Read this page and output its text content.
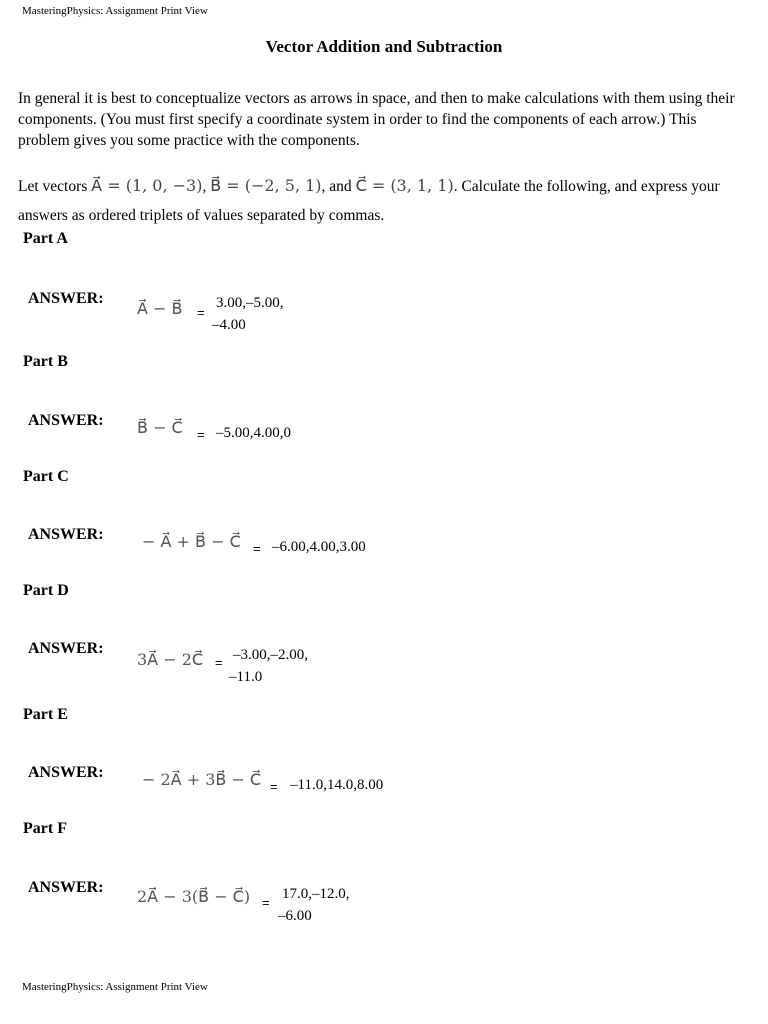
MasteringPhysics: Assignment Print View
Vector Addition and Subtraction
In general it is best to conceptualize vectors as arrows in space, and then to make calculations with them using their components. (You must first specify a coordinate system in order to find the components of each arrow.) This problem gives you some practice with the components.
Let vectors A⃗ = (1, 0, −3), B⃗ = (−2, 5, 1), and C⃗ = (3, 1, 1). Calculate the following, and express your answers as ordered triplets of values separated by commas.
Part A
ANSWER:
A⃗ − B⃗ =
3.00,–5.00,
–4.00
Part B
ANSWER: B⃗ − C⃗ = –5.00,4.00,0
Part C
ANSWER: − A⃗ + B⃗ − C⃗ = –6.00,4.00,3.00
Part D
ANSWER:
3A⃗ − 2C⃗ = –3.00,–2.00,
–11.0
Part E
ANSWER: − 2A⃗ + 3B⃗ − C⃗ = –11.0,14.0,8.00
Part F
ANSWER: 2A⃗ − 3(B⃗ − C⃗) =
17.0,–12.0,
–6.00
MasteringPhysics: Assignment Print View
